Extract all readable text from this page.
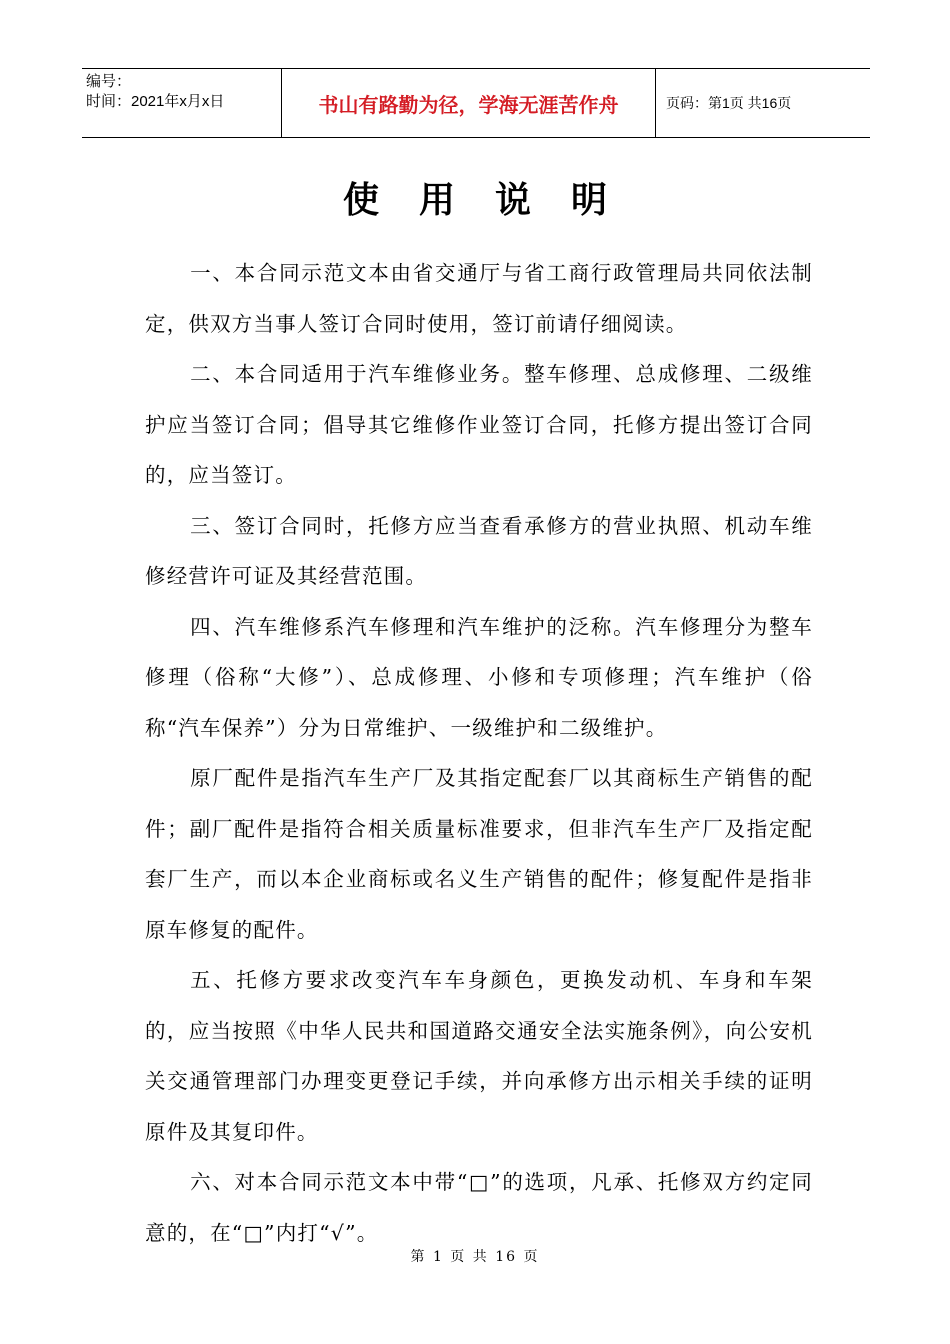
编号：
时间：2021年x月x日	书山有路勤为径，学海无涯苦作舟	页码：第1页 共16页
使用说明

一、本合同示范文本由省交通厅与省工商行政管理局共同依法制定，供双方当事人签订合同时使用，签订前请仔细阅读。

二、本合同适用于汽车维修业务。整车修理、总成修理、二级维护应当签订合同；倡导其它维修作业签订合同，托修方提出签订合同的，应当签订。

三、签订合同时，托修方应当查看承修方的营业执照、机动车维修经营许可证及其经营范围。

四、汽车维修系汽车修理和汽车维护的泛称。汽车修理分为整车修理（俗称“大修”）、总成修理、小修和专项修理；汽车维护（俗称“汽车保养”）分为日常维护、一级维护和二级维护。

原厂配件是指汽车生产厂及其指定配套厂以其商标生产销售的配件；副厂配件是指符合相关质量标准要求，但非汽车生产厂及指定配套厂生产，而以本企业商标或名义生产销售的配件；修复配件是指非原车修复的配件。

五、托修方要求改变汽车车身颜色，更换发动机、车身和车架的，应当按照《中华人民共和国道路交通安全法实施条例》，向公安机关交通管理部门办理变更登记手续，并向承修方出示相关手续的证明原件及其复印件。

六、对本合同示范文本中带“□”的选项，凡承、托修双方约定同意的，在“□”内打“√”。

第 1 页 共 16 页
